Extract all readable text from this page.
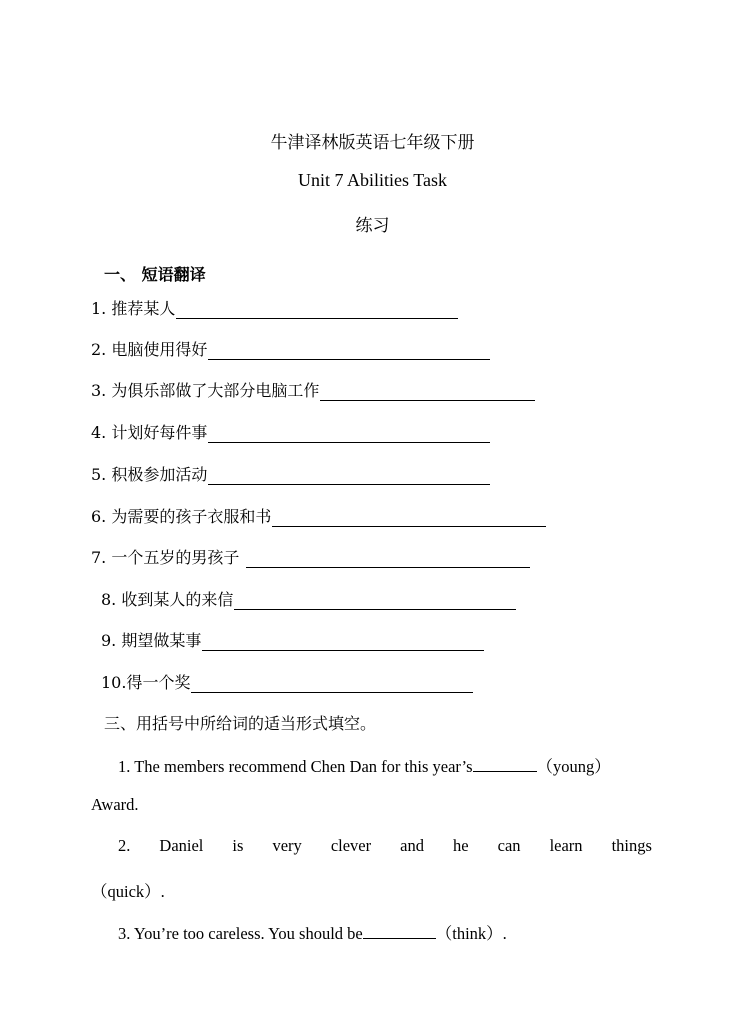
牛津译林版英语七年级下册
Unit 7 Abilities Task
练习
一、 短语翻译
1. 推荐某人
2. 电脑使用得好
3. 为俱乐部做了大部分电脑工作
4. 计划好每件事
5. 积极参加活动
6. 为需要的孩子衣服和书
7. 一个五岁的男孩子
8. 收到某人的来信
9. 期望做某事
10.得一个奖
三、用括号中所给词的适当形式填空。
1. The members recommend Chen Dan for this year’s	（young）
Award.
2. Daniel is very clever and he can learn things
（quick）.
3. You’re too careless. You should be	（think）.
